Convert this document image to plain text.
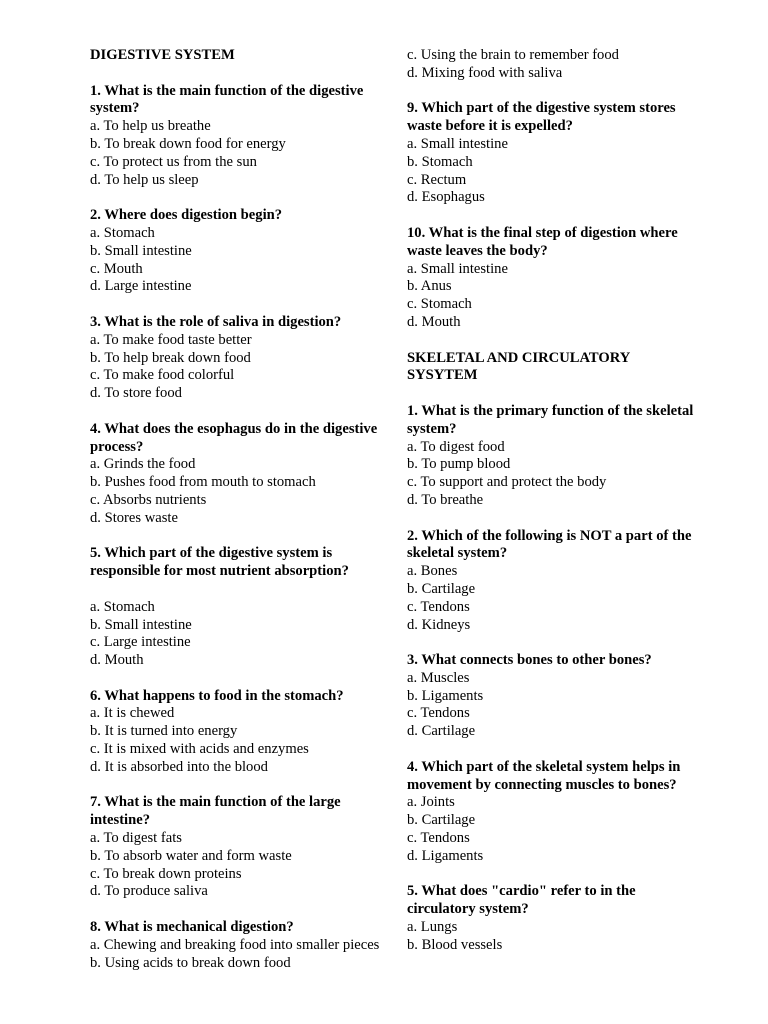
DIGESTIVE SYSTEM
1. What is the main function of the digestive system?
a. To help us breathe
b. To break down food for energy
c. To protect us from the sun
d. To help us sleep
2. Where does digestion begin?
a. Stomach
b. Small intestine
c. Mouth
d. Large intestine
3. What is the role of saliva in digestion?
a. To make food taste better
b. To help break down food
c. To make food colorful
d. To store food
4. What does the esophagus do in the digestive process?
a. Grinds the food
b. Pushes food from mouth to stomach
c. Absorbs nutrients
d. Stores waste
5. Which part of the digestive system is responsible for most nutrient absorption?
a. Stomach
b. Small intestine
c. Large intestine
d. Mouth
6. What happens to food in the stomach?
a. It is chewed
b. It is turned into energy
c. It is mixed with acids and enzymes
d. It is absorbed into the blood
7. What is the main function of the large intestine?
a. To digest fats
b. To absorb water and form waste
c. To break down proteins
d. To produce saliva
8. What is mechanical digestion?
a. Chewing and breaking food into smaller pieces
b. Using acids to break down food
c. Using the brain to remember food
d. Mixing food with saliva
9. Which part of the digestive system stores waste before it is expelled?
a. Small intestine
b. Stomach
c. Rectum
d. Esophagus
10. What is the final step of digestion where waste leaves the body?
a. Small intestine
b. Anus
c. Stomach
d. Mouth
SKELETAL AND CIRCULATORY SYSYTEM
1. What is the primary function of the skeletal system?
a. To digest food
b. To pump blood
c. To support and protect the body
d. To breathe
2. Which of the following is NOT a part of the skeletal system?
a. Bones
b. Cartilage
c. Tendons
d. Kidneys
3. What connects bones to other bones?
a. Muscles
b. Ligaments
c. Tendons
d. Cartilage
4. Which part of the skeletal system helps in movement by connecting muscles to bones?
a. Joints
b. Cartilage
c. Tendons
d. Ligaments
5. What does "cardio" refer to in the circulatory system?
a. Lungs
b. Blood vessels
